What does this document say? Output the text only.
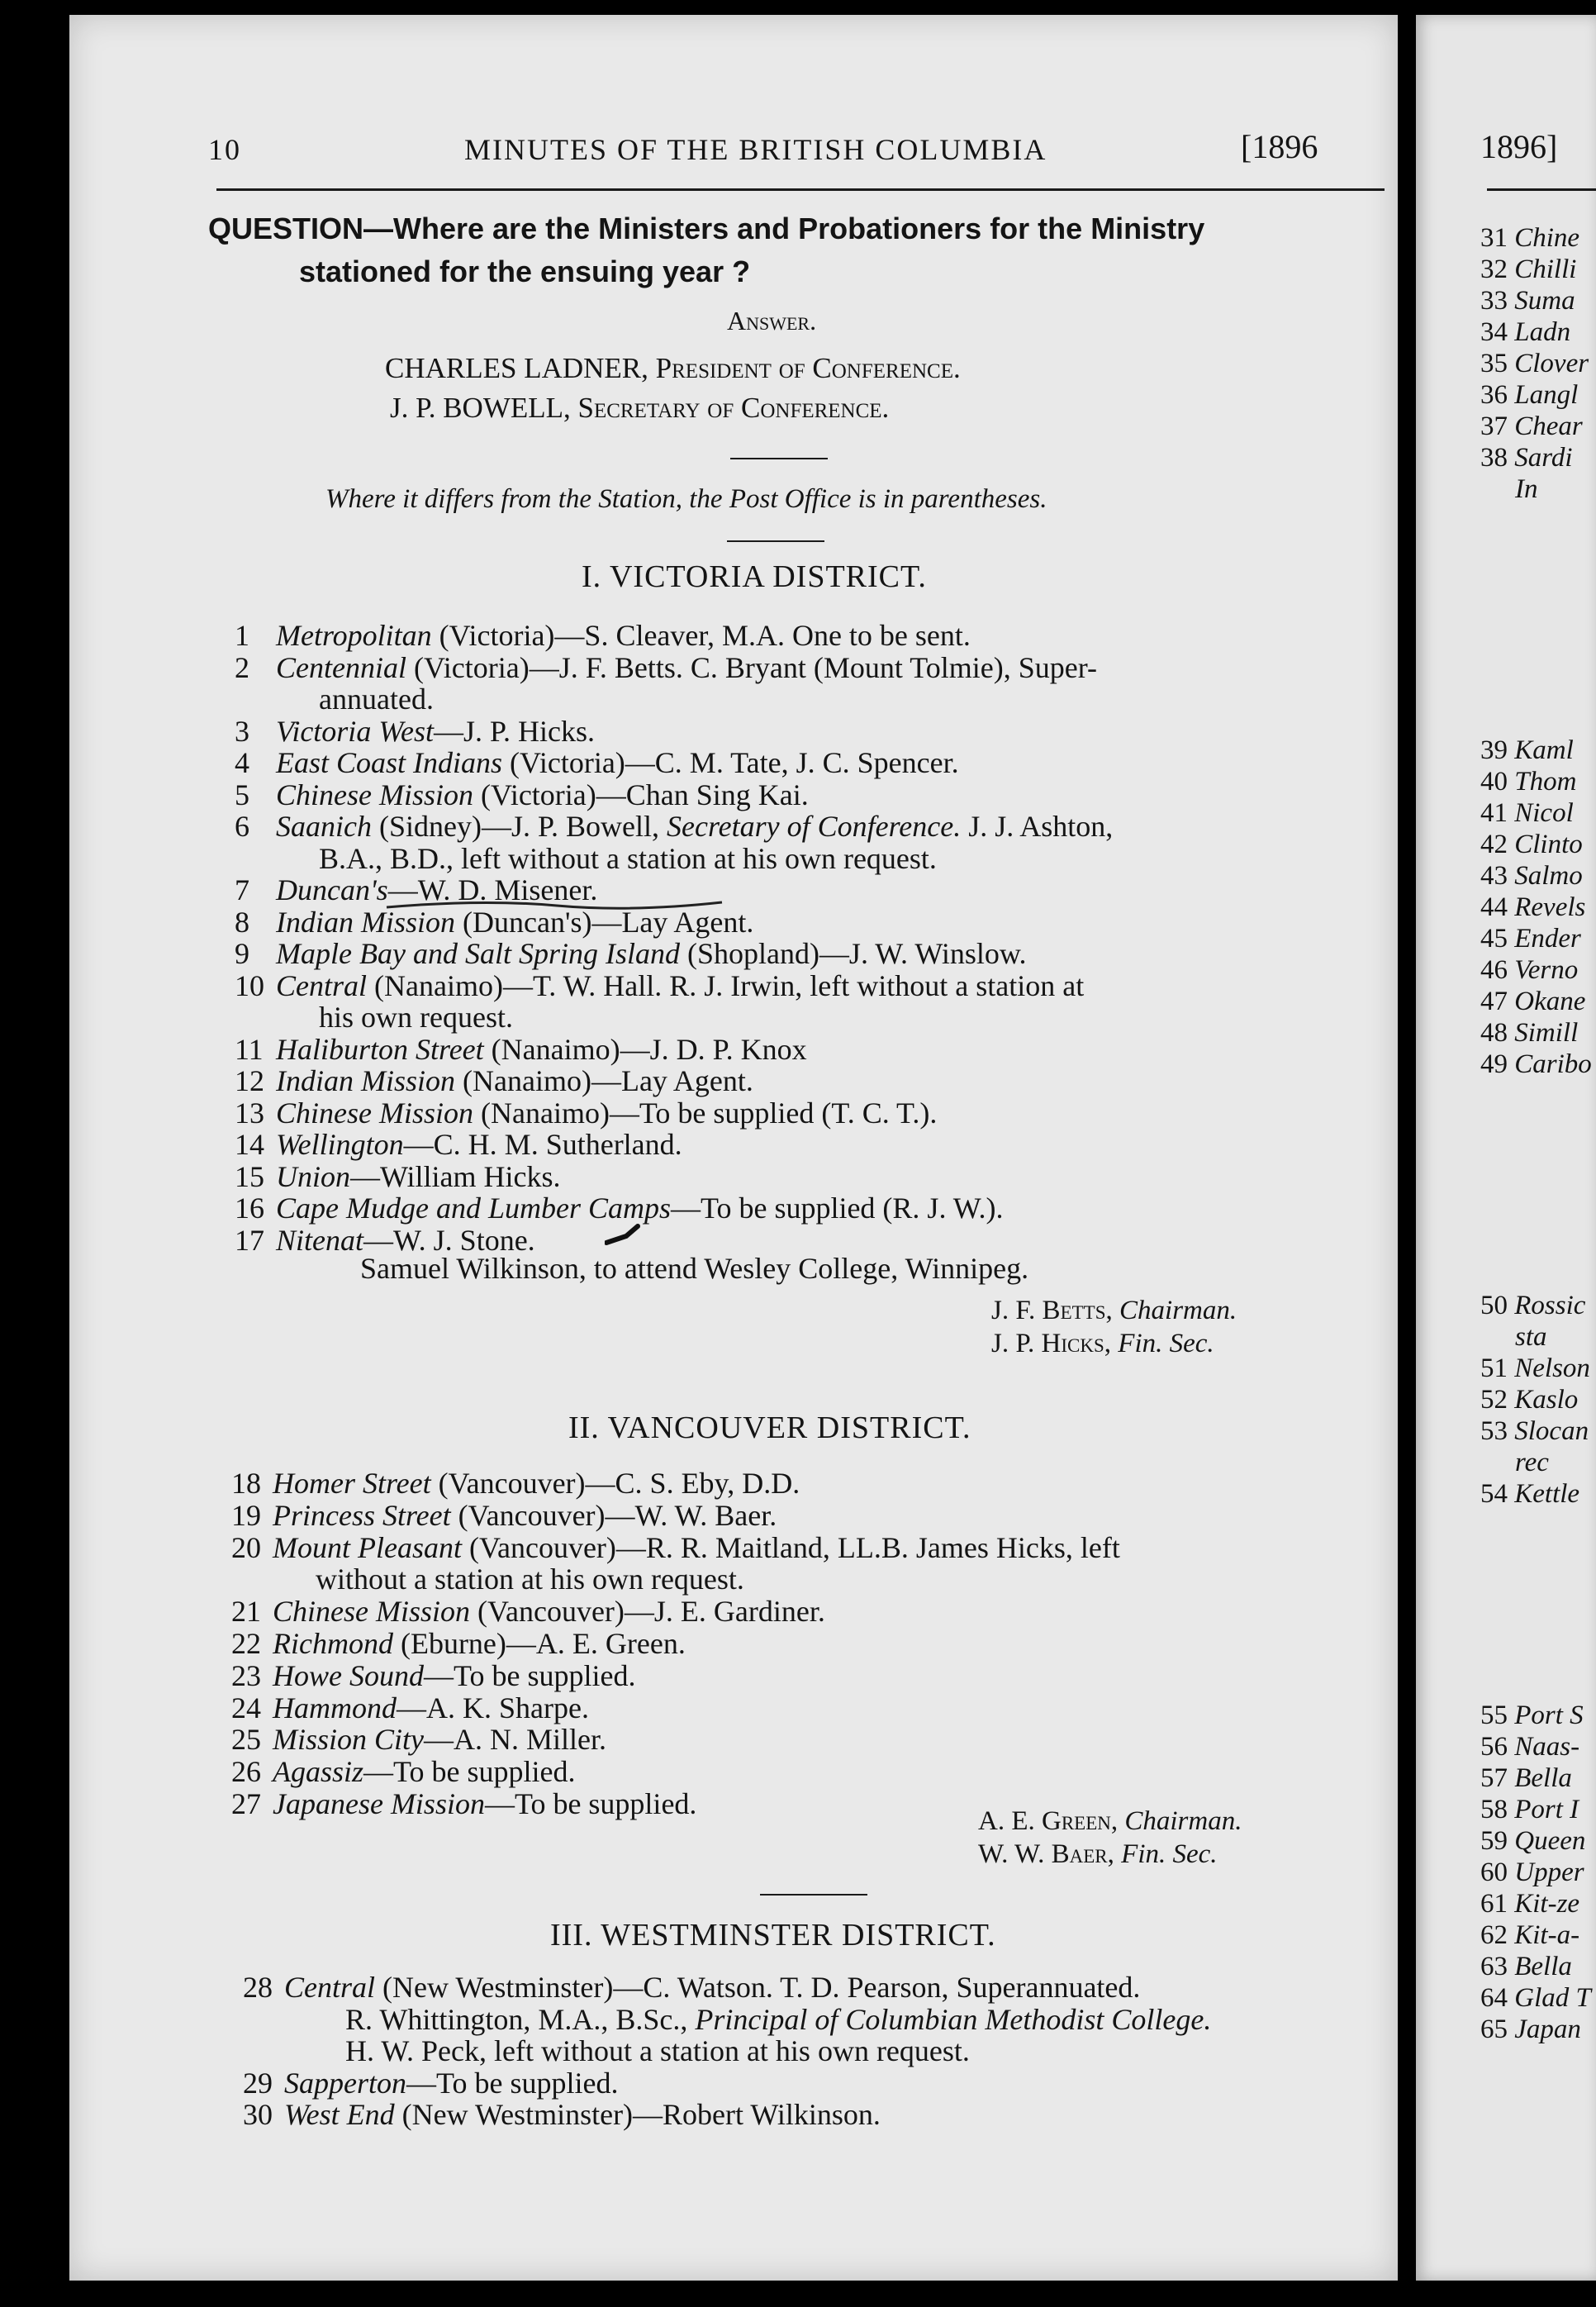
10	MINUTES OF THE BRITISH COLUMBIA	[1896
QUESTION—Where are the Ministers and Probationers for the Ministry
stationed for the ensuing year ?
Answer.
CHARLES LADNER, President of Conference.
J. P. BOWELL, Secretary of Conference.
Where it differs from the Station, the Post Office is in parentheses.
I. VICTORIA DISTRICT.
1 Metropolitan (Victoria)—S. Cleaver, M.A. One to be sent.
2 Centennial (Victoria)—J. F. Betts. C. Bryant (Mount Tolmie), Super-
annuated.
3 Victoria West—J. P. Hicks.
4 East Coast Indians (Victoria)—C. M. Tate, J. C. Spencer.
5 Chinese Mission (Victoria)—Chan Sing Kai.
6 Saanich (Sidney)—J. P. Bowell, Secretary of Conference. J. J. Ashton,
B.A., B.D., left without a station at his own request.
7 Duncan's—W. D. Misener.
8 Indian Mission (Duncan's)—Lay Agent.
9 Maple Bay and Salt Spring Island (Shopland)—J. W. Winslow.
10 Central (Nanaimo)—T. W. Hall. R. J. Irwin, left without a station at
his own request.
11 Haliburton Street (Nanaimo)—J. D. P. Knox
12 Indian Mission (Nanaimo)—Lay Agent.
13 Chinese Mission (Nanaimo)—To be supplied (T. C. T.).
14 Wellington—C. H. M. Sutherland.
15 Union—William Hicks.
16 Cape Mudge and Lumber Camps—To be supplied (R. J. W.).
17 Nitenat—W. J. Stone.
Samuel Wilkinson, to attend Wesley College, Winnipeg.
J. F. Betts, Chairman.
J. P. Hicks, Fin. Sec.
II. VANCOUVER DISTRICT.
18 Homer Street (Vancouver)—C. S. Eby, D.D.
19 Princess Street (Vancouver)—W. W. Baer.
20 Mount Pleasant (Vancouver)—R. R. Maitland, LL.B. James Hicks, left
without a station at his own request.
21 Chinese Mission (Vancouver)—J. E. Gardiner.
22 Richmond (Eburne)—A. E. Green.
23 Howe Sound—To be supplied.
24 Hammond—A. K. Sharpe.
25 Mission City—A. N. Miller.
26 Agassiz—To be supplied.
27 Japanese Mission—To be supplied.
A. E. Green, Chairman.
W. W. Baer, Fin. Sec.
III. WESTMINSTER DISTRICT.
28 Central (New Westminster)—C. Watson. T. D. Pearson, Superannuated.
R. Whittington, M.A., B.Sc., Principal of Columbian Methodist College.
H. W. Peck, left without a station at his own request.
29 Sapperton—To be supplied.
30 West End (New Westminster)—Robert Wilkinson.
1896]
31 Chine
32 Chilli
33 Suma
34 Ladn
35 Clover
36 Langl
37 Chear
38 Sardi
In
39 Kaml
40 Thom
41 Nicol
42 Clinto
43 Salmo
44 Revels
45 Ender
46 Verno
47 Okane
48 Simill
49 Caribo
50 Rossic
sta
51 Nelson
52 Kaslo
53 Slocan
rec
54 Kettle
55 Port S
56 Naas-
57 Bella
58 Port I
59 Queen
60 Upper
61 Kit-ze
62 Kit-a-
63 Bella
64 Glad T
65 Japan
